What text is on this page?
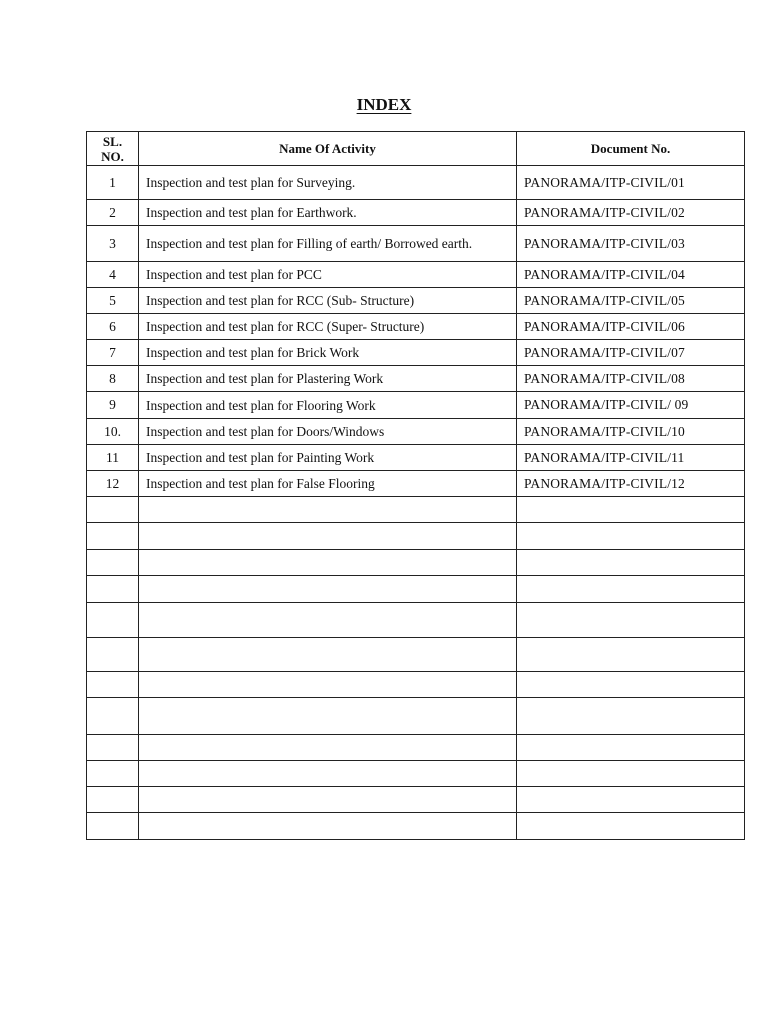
INDEX
SL.
NO.	Name Of Activity	Document No.
1	Inspection and test plan for Surveying.	PANORAMA/ITP-CIVIL/01
2	Inspection and test plan for Earthwork.	PANORAMA/ITP-CIVIL/02
3	Inspection and test plan for Filling of earth/ Borrowed earth.	PANORAMA/ITP-CIVIL/03
4	Inspection and test plan for PCC	PANORAMA/ITP-CIVIL/04
5	Inspection and test plan for RCC (Sub- Structure)	PANORAMA/ITP-CIVIL/05
6	Inspection and test plan for RCC (Super- Structure)	PANORAMA/ITP-CIVIL/06
7	Inspection and test plan for Brick Work	PANORAMA/ITP-CIVIL/07
8	Inspection and test plan for Plastering Work	PANORAMA/ITP-CIVIL/08
9	Inspection and test plan for Flooring Work	PANORAMA/ITP-CIVIL/ 09
10.	Inspection and test plan for Doors/Windows	PANORAMA/ITP-CIVIL/10
11	Inspection and test plan for Painting Work	PANORAMA/ITP-CIVIL/11
12	Inspection and test plan for False Flooring	PANORAMA/ITP-CIVIL/12
